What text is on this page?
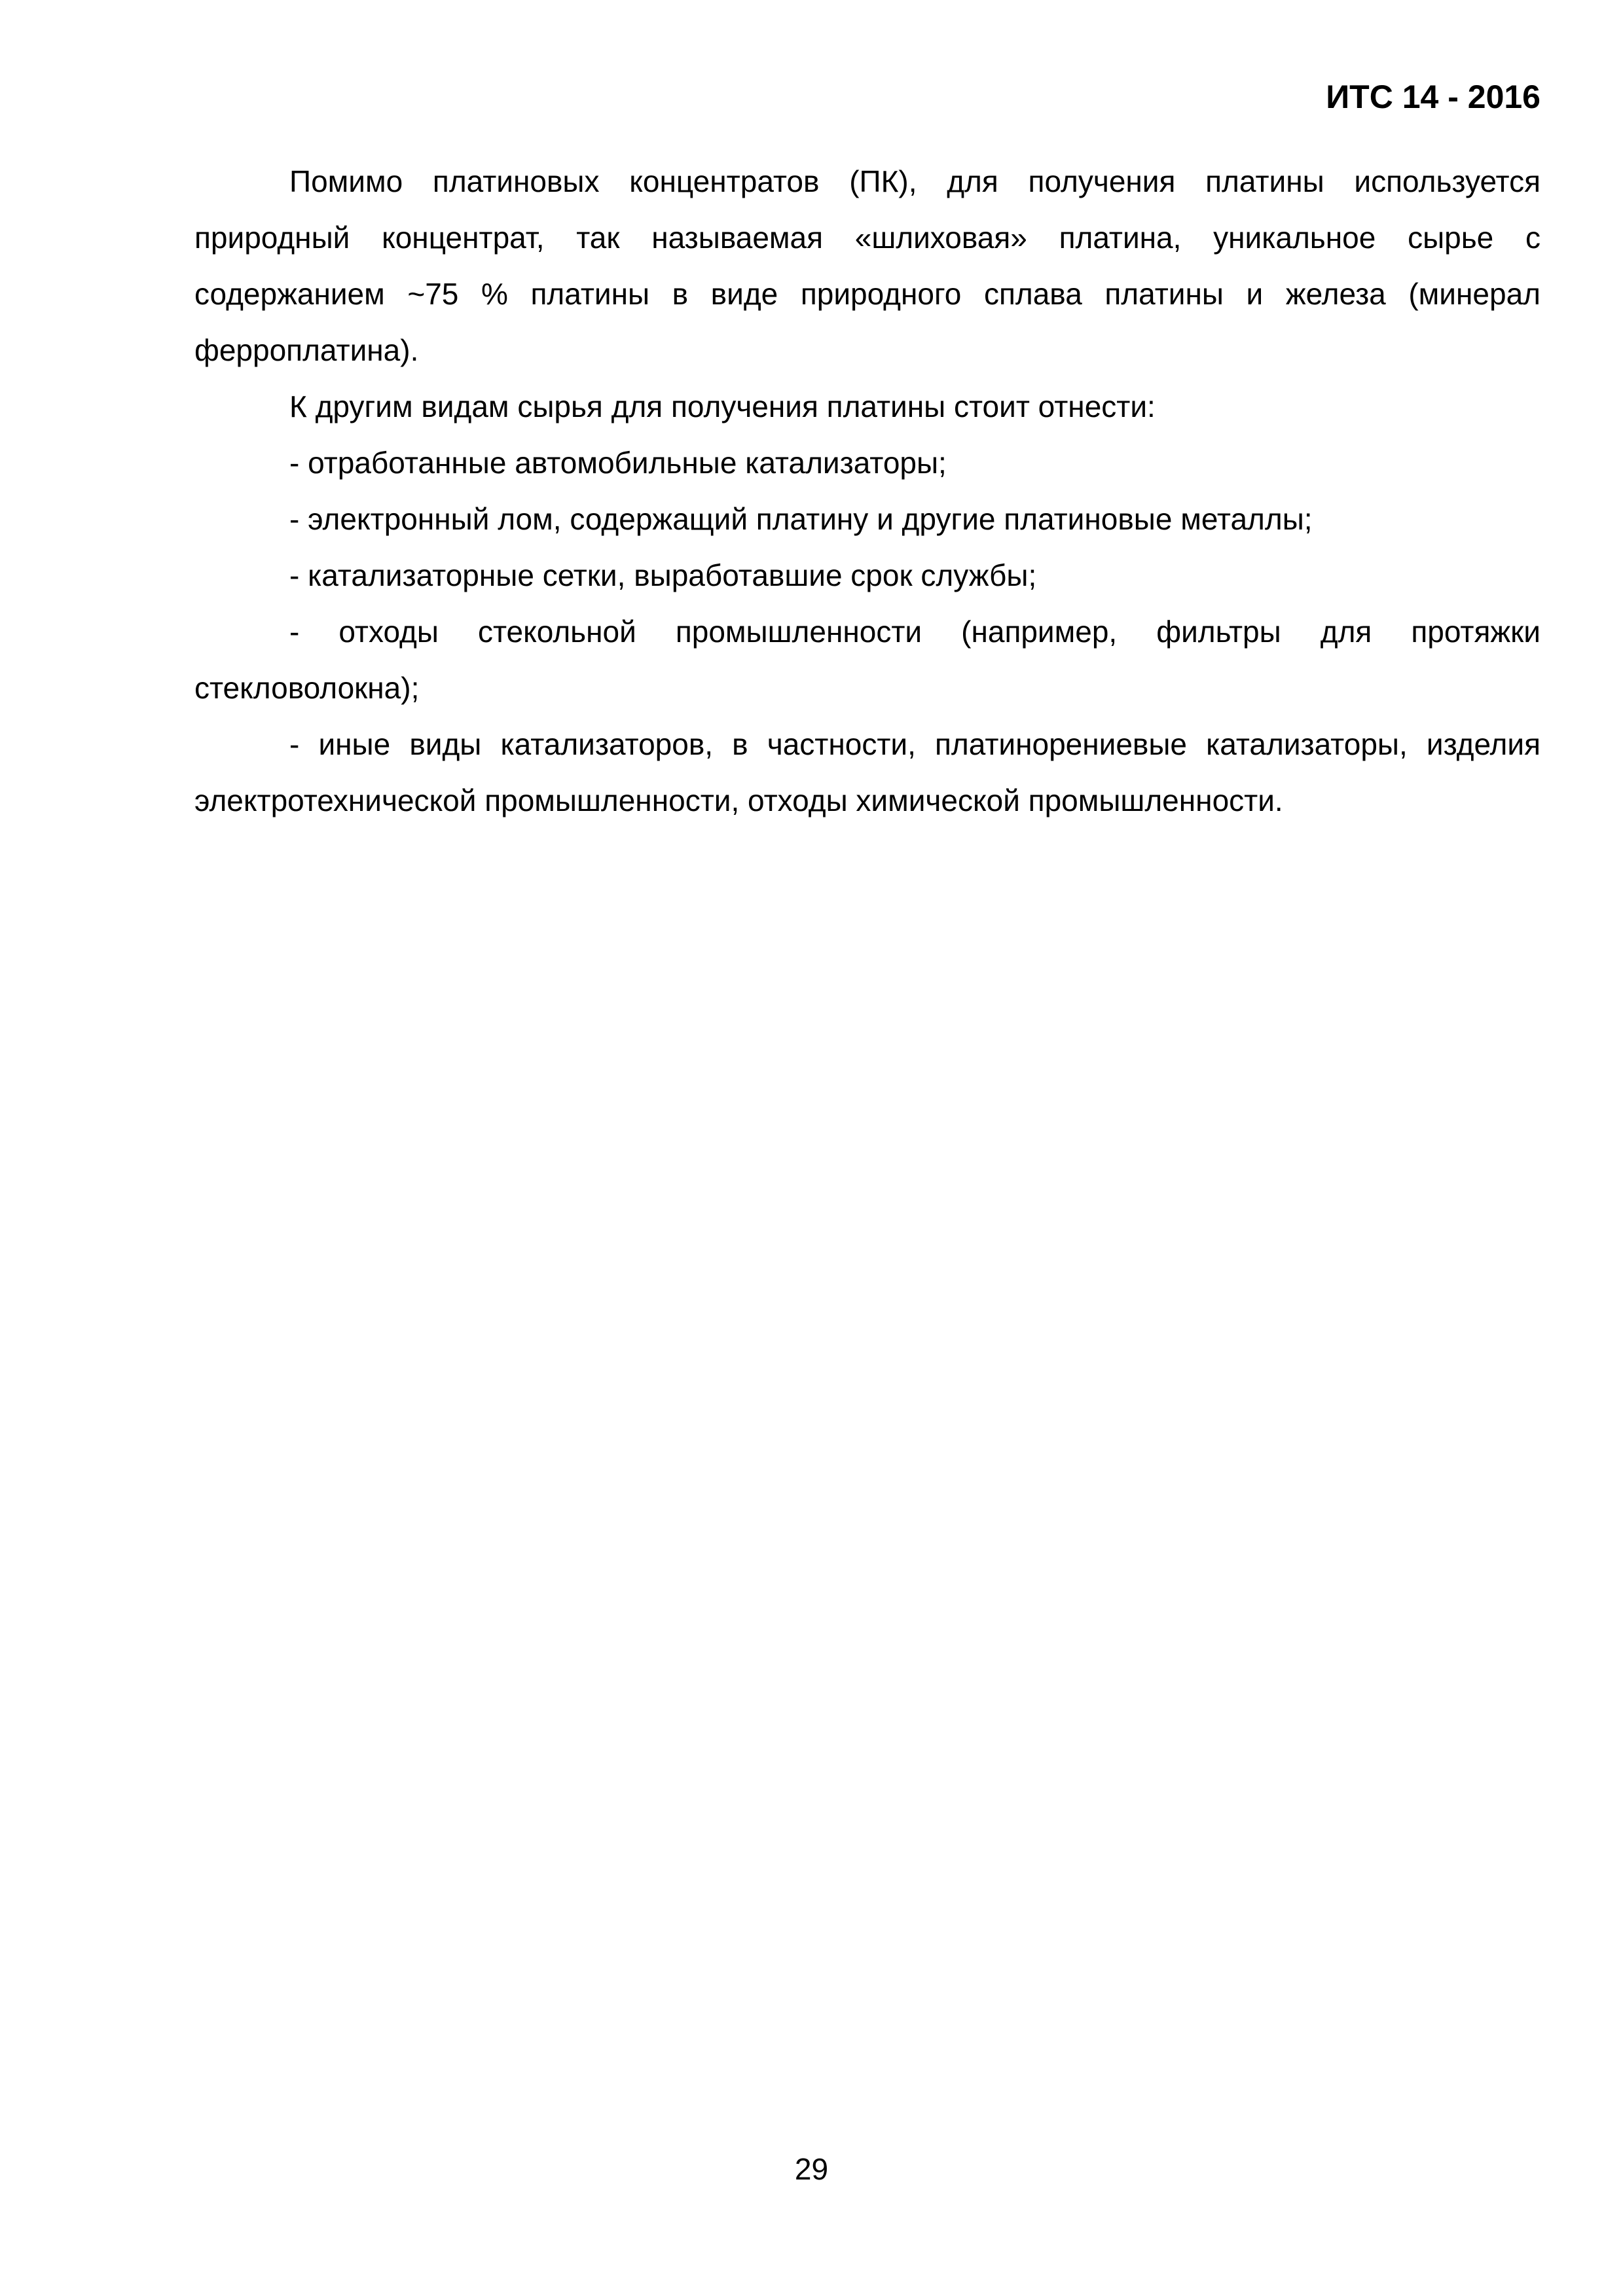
ИТС 14 - 2016

Помимо платиновых концентратов (ПК), для получения платины используется природный концентрат, так называемая «шлиховая» платина, уникальное сырье с содержанием ~75 % платины в виде природного сплава платины и железа (минерал ферроплатина).

К другим видам сырья для получения платины стоит отнести:

- отработанные автомобильные катализаторы;

- электронный лом, содержащий платину и другие платиновые металлы;

- катализаторные сетки, выработавшие срок службы;

- отходы стекольной промышленности (например, фильтры для протяжки стекловолокна);

- иные виды катализаторов, в частности, платинорениевые катализаторы, изделия электротехнической промышленности, отходы химической промышленности.

29
